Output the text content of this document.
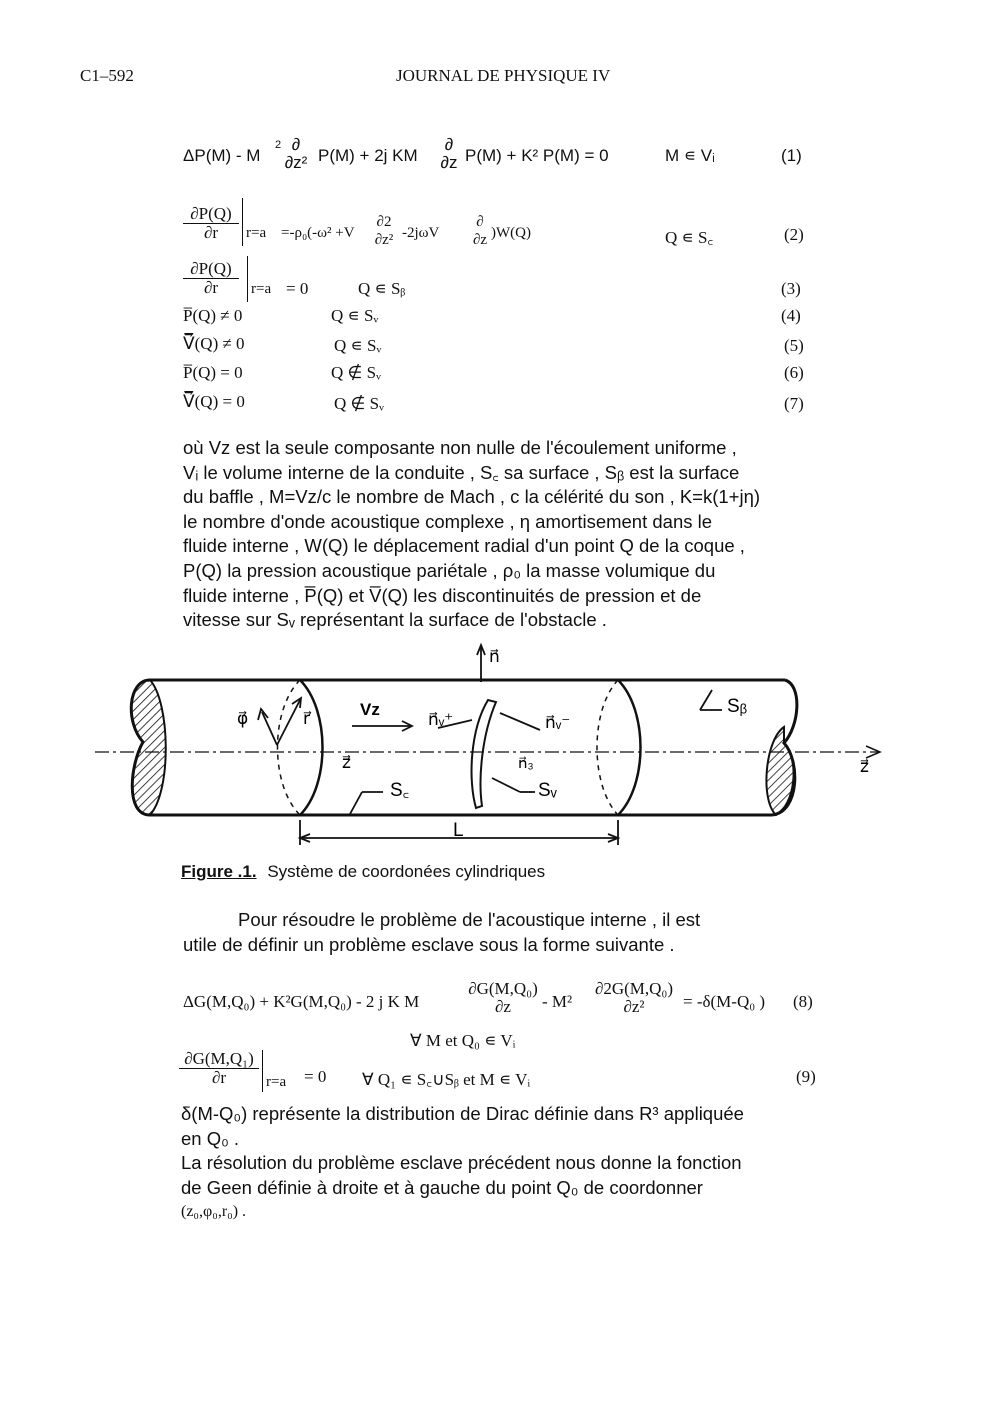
C1–592	JOURNAL DE PHYSIQUE IV
ΔP(M) - M
2 ∂
∂z² P(M) + 2j KM
∂
∂z P(M) + K² P(M) = 0	M ∊ Vᵢ	(1)
$\frac{\partial P(Q)}{\partial r} r=a =-\rho_0(-\omega^2 +V$
∂2
∂z² -2jωV
∂
∂z )W(Q)	Q ∊ S꜀	(2)
$\frac{\partial P(Q)}{\partial r} r=a = 0$	Q ∊ Sᵦ	(3)
P̅(Q) ≠ 0	Q ∊ Sᵥ	(4)
V⃗̅(Q) ≠ 0	Q ∊ Sᵥ	(5)
P̅(Q) = 0	Q ∉ Sᵥ	(6)
V⃗̅(Q) = 0	Q ∉ Sᵥ	(7)
où Vz est la seule composante non nulle de l'écoulement uniforme ,
Vᵢ le volume interne de la conduite , S꜀ sa surface , Sᵦ est la surface
du baffle , M=Vz/c le nombre de Mach , c la célérité du son , K=k(1+jη)
le nombre d'onde acoustique complexe , η amortisement dans le
fluide interne , W(Q) le déplacement radial d'un point Q de la coque ,
P(Q) la pression acoustique pariétale , ρ₀ la masse volumique du
fluide interne , P̅(Q) et V̅(Q) les discontinuités de pression et de
vitesse sur Sᵥ représentant la surface de l'obstacle .
n⃗
φ⃗	r⃗	Vz
n⃗ᵥ⁺	n⃗ᵥ⁻
z⃗	n⃗₃
S꜀	Sᵥ
Sᵦ
z⃗
L
Figure .1. Système de coordonées cylindriques
Pour résoudre le problème de l'acoustique interne , il est
utile de définir un problème esclave sous la forme suivante .
ΔG(M,Q₀) + K²G(M,Q₀) - 2 j K M
∂G(M,Q₀)
∂z	- M²
∂2G(M,Q₀)
∂z²	= -δ(M-Q₀ ) (8)
∀ M et Q₀ ∊ Vᵢ
$\frac{\text{∂G(M,Q₁)}}{\partial r} r=a = 0$ ∀ Q₁ ∊ S꜀∪Sᵦ et M ∊ Vᵢ	(9)
δ(M-Q₀) représente la distribution de Dirac définie dans R³ appliquée
en Q₀ .
La résolution du problème esclave précédent nous donne la fonction
de Geen définie à droite et à gauche du point Q₀ de coordonner
(z₀,φ₀,r₀) .
